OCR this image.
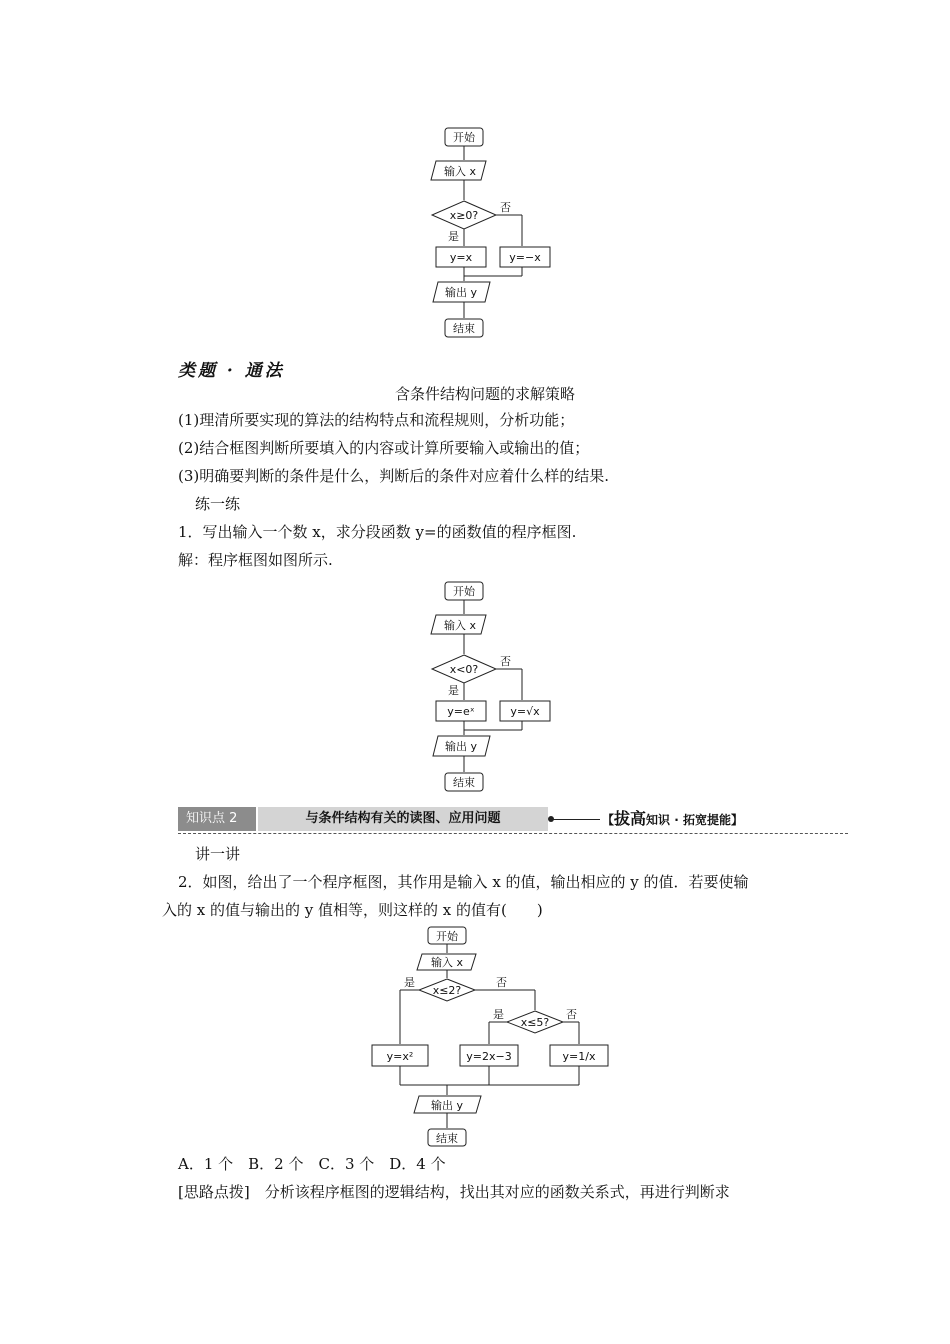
开始
输入 x
x≥0?
否
是
y=x	y=−x
输出 y
结束
类题 · 通法
含条件结构问题的求解策略
(1)理清所要实现的算法的结构特点和流程规则，分析功能；
(2)结合框图判断所要填入的内容或计算所要输入或输出的值；
(3)明确要判断的条件是什么，判断后的条件对应着什么样的结果.
练一练
1．写出输入一个数 x，求分段函数 y=的函数值的程序框图.
解：程序框图如图所示.
开始
输入 x
x<0?
否
是
y=eˣ	y=√x
输出 y
结束
知识点 2	与条件结构有关的读图、应用问题	【拔高知识 · 拓宽提能】
讲一讲
2．如图，给出了一个程序框图，其作用是输入 x 的值，输出相应的 y 的值．若要使输
入的 x 的值与输出的 y 值相等，则这样的 x 的值有(　　)
开始
输入 x
x≤2?
是	否
x≤5?
是	否
y=x²	y=2x−3	y=1/x
输出 y
结束
A．1 个　B．2 个　C．3 个　D．4 个
[思路点拨]　分析该程序框图的逻辑结构，找出其对应的函数关系式，再进行判断求
